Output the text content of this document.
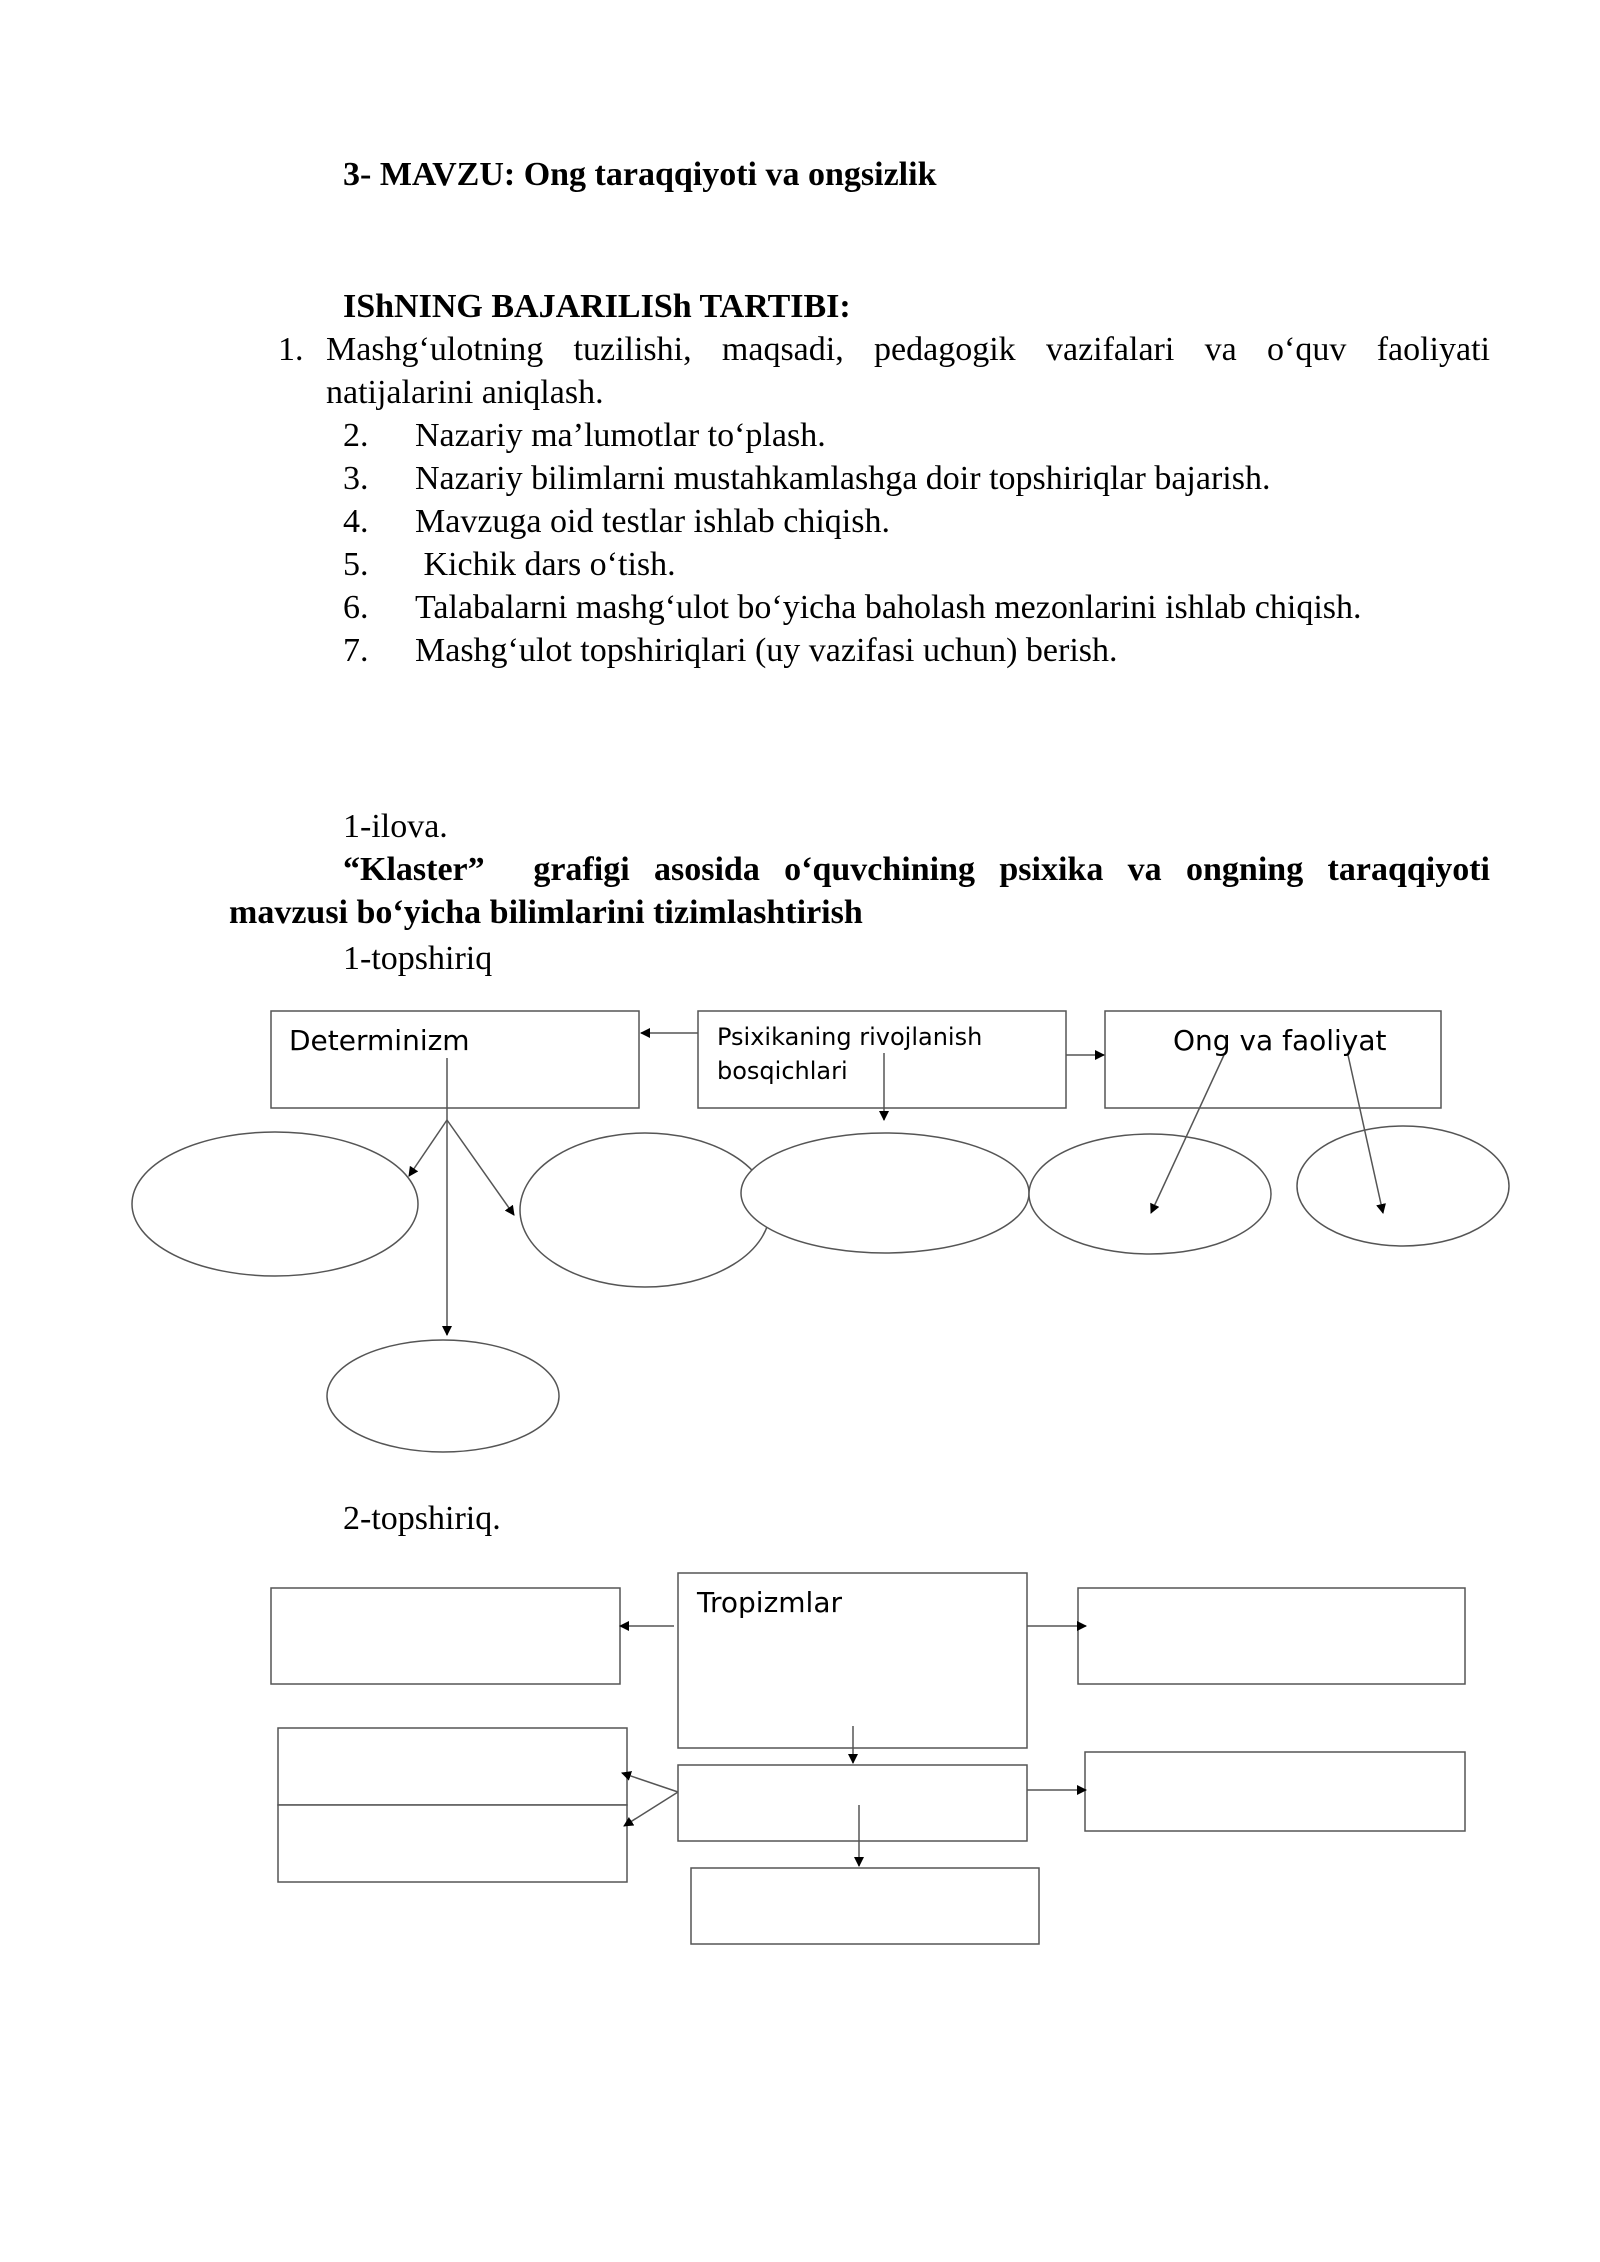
3- MAVZU: Ong taraqqiyoti va ongsizlik
IShNING BAJARILISh TARTIBI:
1. Mashg‘ulotning tuzilishi, maqsadi, pedagogik vazifalari va o‘quv faoliyati
natijalarini aniqlash.
2. Nazariy ma’lumotlar to‘plash.
3. Nazariy bilimlarni mustahkamlashga doir topshiriqlar bajarish.
4. Mavzuga oid testlar ishlab chiqish.
5. Kichik dars o‘tish.
6. Talabalarni mashg‘ulot bo‘yicha baholash mezonlarini ishlab chiqish.
7. Mashg‘ulot topshiriqlari (uy vazifasi uchun) berish.
1-ilova.
“Klaster”  grafigi asosida o‘quvchining psixika va ongning taraqqiyoti
mavzusi bo‘yicha bilimlarini tizimlashtirish
1-topshiriq
Determinizm	Psixikaning rivojlanish
bosqichlari
Ong va faoliyat
2-topshiriq.
Tropizmlar
